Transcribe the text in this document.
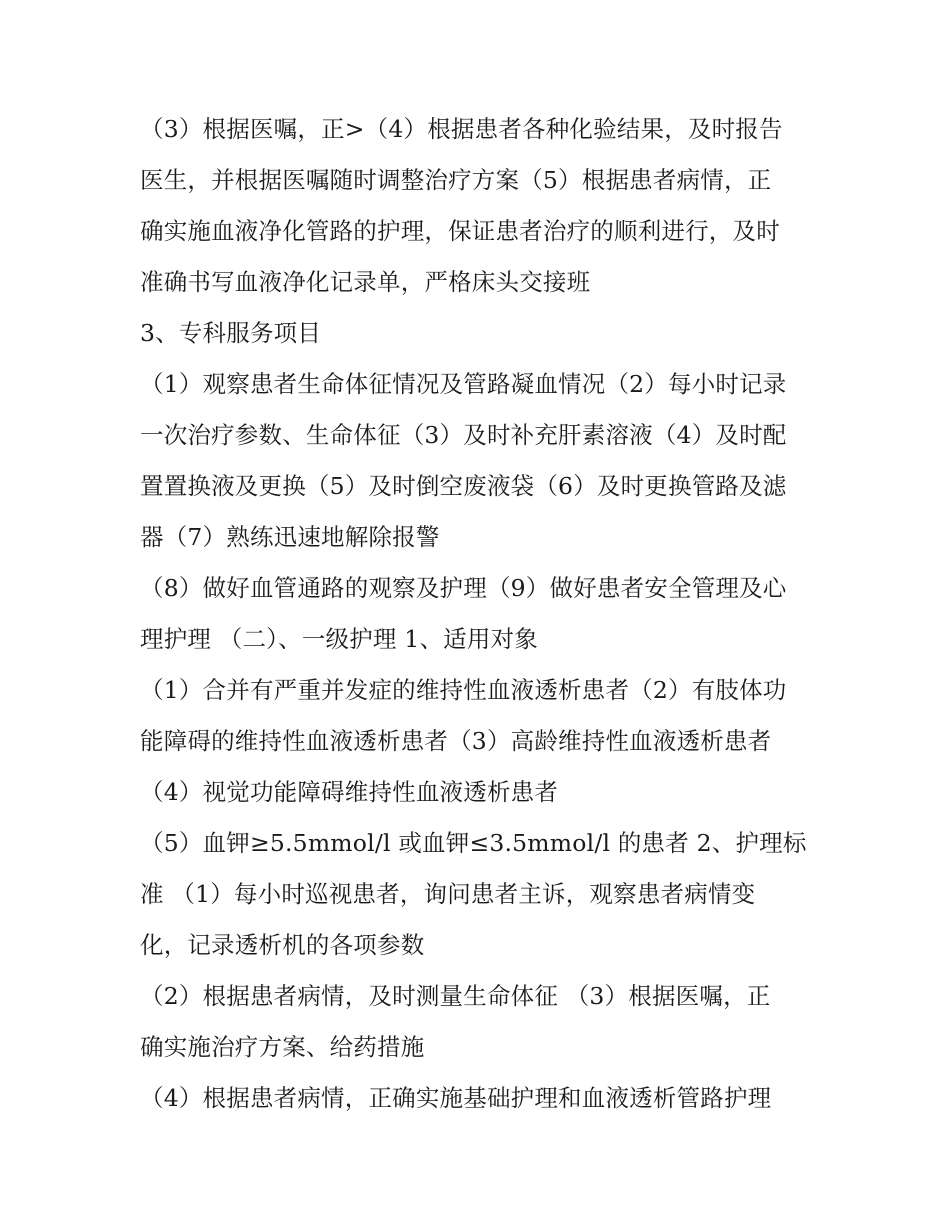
（3）根据医嘱，正>（4）根据患者各种化验结果，及时报告
医生，并根据医嘱随时调整治疗方案（5）根据患者病情，正
确实施血液净化管路的护理，保证患者治疗的顺利进行，及时
准确书写血液净化记录单，严格床头交接班
3、专科服务项目
（1）观察患者生命体征情况及管路凝血情况（2）每小时记录
一次治疗参数、生命体征（3）及时补充肝素溶液（4）及时配
置置换液及更换（5）及时倒空废液袋（6）及时更换管路及滤
器（7）熟练迅速地解除报警
（8）做好血管通路的观察及护理（9）做好患者安全管理及心
理护理 （二）、一级护理 1、适用对象
（1）合并有严重并发症的维持性血液透析患者（2）有肢体功
能障碍的维持性血液透析患者（3）高龄维持性血液透析患者
（4）视觉功能障碍维持性血液透析患者
（5）血钾≥5.5mmol/l 或血钾≤3.5mmol/l 的患者 2、护理标
准 （1）每小时巡视患者，询问患者主诉，观察患者病情变
化，记录透析机的各项参数
（2）根据患者病情，及时测量生命体征 （3）根据医嘱，正
确实施治疗方案、给药措施
（4）根据患者病情，正确实施基础护理和血液透析管路护理
